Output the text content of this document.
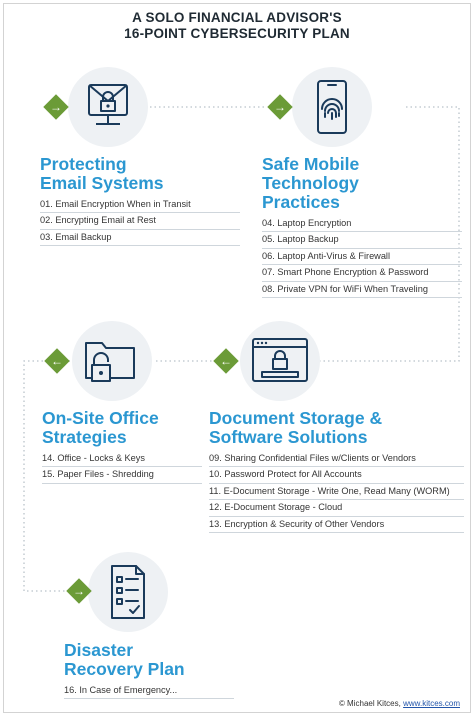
A SOLO FINANCIAL ADVISOR'S
16-POINT CYBERSECURITY PLAN
→	→
←	←
→
Protecting
Email Systems
01. Email Encryption When in Transit
02. Encrypting Email at Rest
03. Email Backup
Safe Mobile
Technology
Practices
04. Laptop Encryption
05. Laptop Backup
06. Laptop Anti-Virus & Firewall
07. Smart Phone Encryption & Password
08. Private VPN for WiFi When Traveling
On-Site Office
Strategies
14. Office - Locks & Keys
15. Paper Files - Shredding
Document Storage &
Software Solutions
09. Sharing Confidential Files w/Clients or Vendors
10. Password Protect for All Accounts
11. E-Document Storage - Write One, Read Many (WORM)
12. E-Document Storage - Cloud
13. Encryption & Security of Other Vendors
Disaster
Recovery Plan
16. In Case of Emergency...
© Michael Kitces, www.kitces.com
